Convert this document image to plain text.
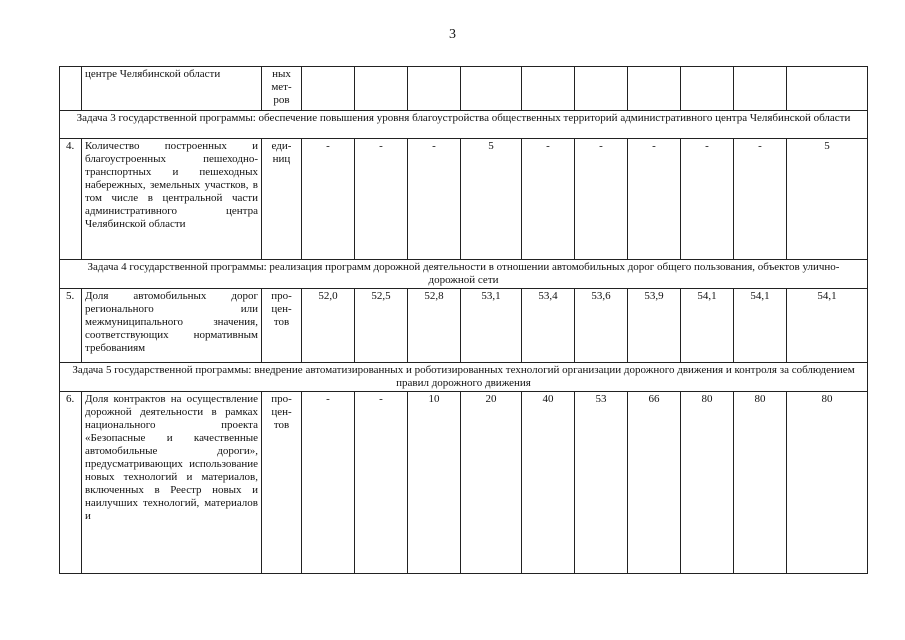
3
	центре Челябинской области	ных мет- ров										
Задача 3 государственной программы: обеспечение повышения уровня благоустройства общественных территорий административного центра Челябинской области												
4.	Количество построенных и благоустроенных пешеходно-транспортных и пешеходных набережных, земельных участков, в том числе в центральной части административного центра Челябинской области	еди- ниц	-	-	-	5	-	-	-	-	-	5
Задача 4 государственной программы: реализация программ дорожной деятельности в отношении автомобильных дорог общего пользования, объектов улично-дорожной сети												
5.	Доля автомобильных дорог регионального или межмуниципального значения, соответствующих нормативным требованиям	про- цен- тов	52,0	52,5	52,8	53,1	53,4	53,6	53,9	54,1	54,1	54,1
Задача 5 государственной программы: внедрение автоматизированных и роботизированных технологий организации дорожного движения и контроля за соблюдением правил дорожного движения												
6.	Доля контрактов на осуществление дорожной деятельности в рамках национального проекта «Безопасные и качественные автомобильные дороги», предусматривающих использование новых технологий и материалов, включенных в Реестр новых и наилучших технологий, материалов и	про- цен- тов	-	-	10	20	40	53	66	80	80	80
